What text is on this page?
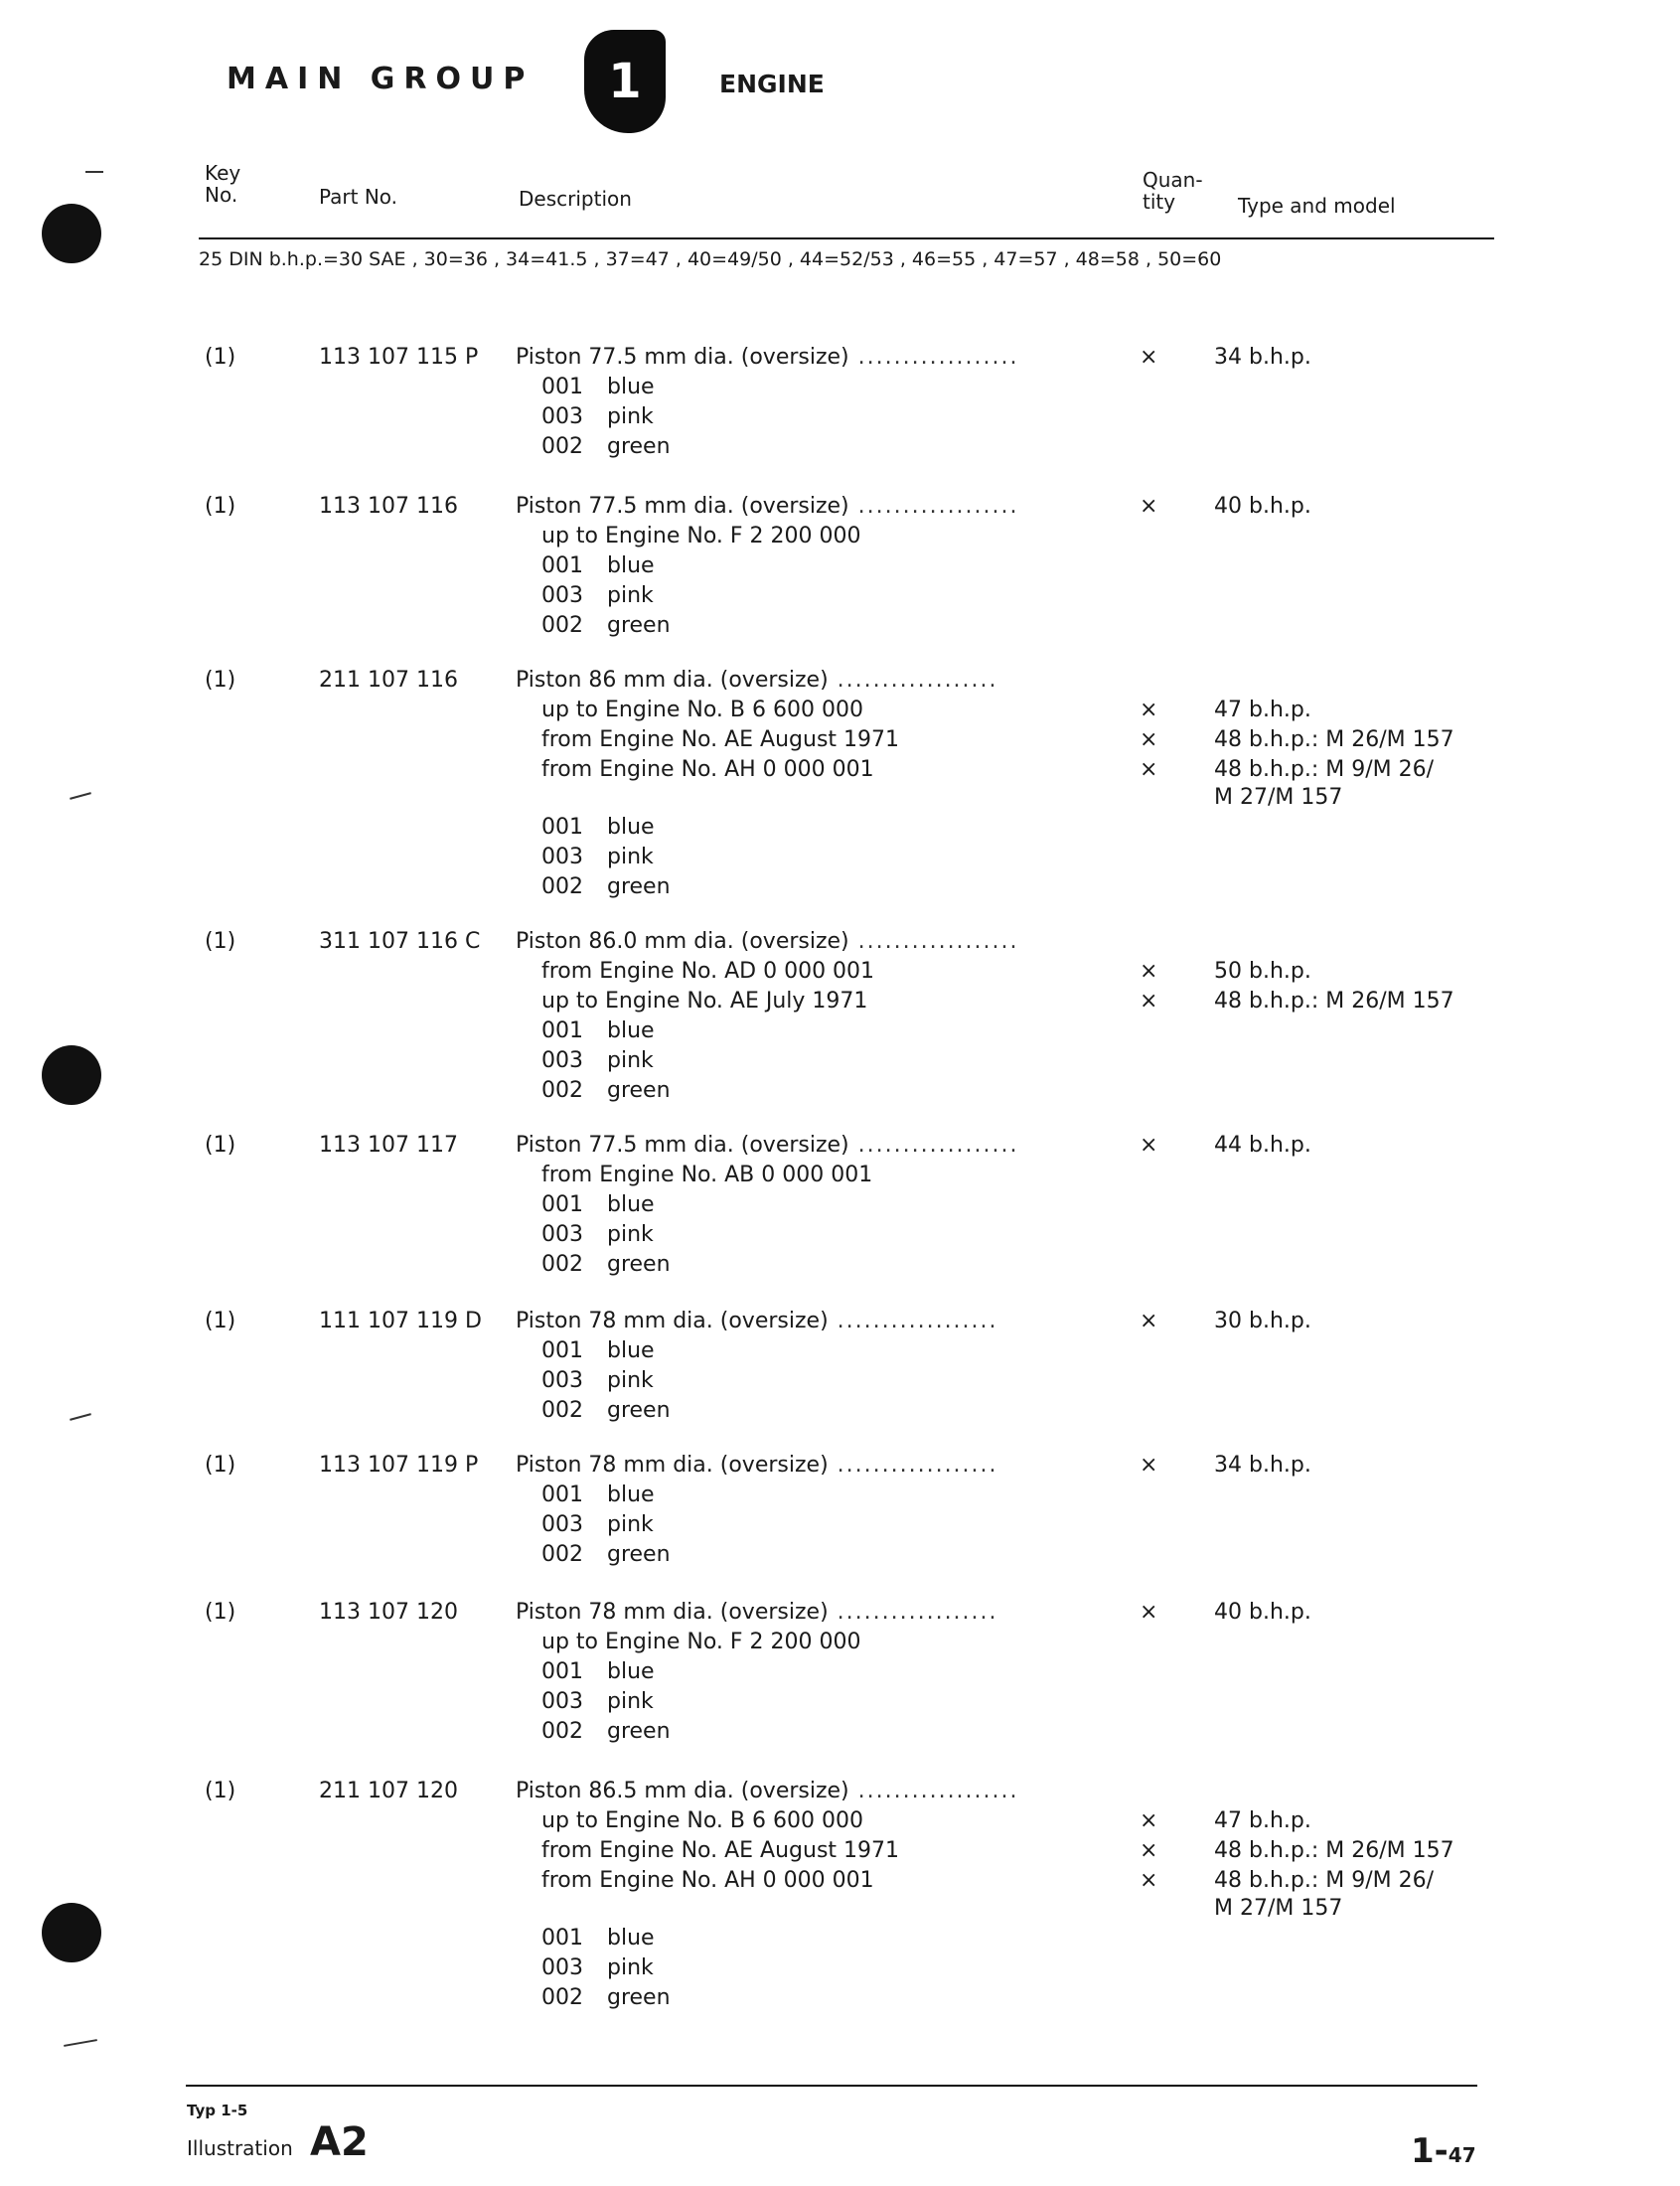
MAIN GROUP	1	ENGINE
Key
No.	Part No.	Description
Quan-
tity	Type and model
25 DIN b.h.p.=30 SAE , 30=36 , 34=41.5 , 37=47 , 40=49/50 , 44=52/53 , 46=55 , 47=57 , 48=58 , 50=60
(1)	113 107 115 P Piston 77.5 mm dia. (oversize) .....	×	34 b.h.p.
001 blue
003 pink
002 green
(1)	113 107 116	Piston 77.5 mm dia. (oversize) .....	×	40 b.h.p.
up to Engine No. F 2 200 000
001 blue
003 pink
002 green
(1)	211 107 116	Piston 86 mm dia. (oversize) .....
up to Engine No. B 6 600 000	×	47 b.h.p.
from Engine No. AE August 1971	×	48 b.h.p.: M 26/M 157
from Engine No. AH 0 000 001	×	48 b.h.p.: M 9/M 26/
M 27/M 157
001 blue
003 pink
002 green
(1)	311 107 116 C Piston 86.0 mm dia. (oversize) .....
from Engine No. AD 0 000 001	×	50 b.h.p.
up to Engine No. AE July 1971	×	48 b.h.p.: M 26/M 157
001 blue
003 pink
002 green
(1)	113 107 117	Piston 77.5 mm dia. (oversize) .....	×	44 b.h.p.
from Engine No. AB 0 000 001
001 blue
003 pink
002 green
(1)	111 107 119 D Piston 78 mm dia. (oversize) .....	×	30 b.h.p.
001 blue
003 pink
002 green
(1)	113 107 119 P Piston 78 mm dia. (oversize) .....	×	34 b.h.p.
001 blue
003 pink
002 green
(1)	113 107 120	Piston 78 mm dia. (oversize) .....	×	40 b.h.p.
up to Engine No. F 2 200 000
001 blue
003 pink
002 green
(1)	211 107 120	Piston 86.5 mm dia. (oversize) .....
up to Engine No. B 6 600 000	×	47 b.h.p.
from Engine No. AE August 1971	×	48 b.h.p.: M 26/M 157
from Engine No. AH 0 000 001	×	48 b.h.p.: M 9/M 26/
M 27/M 157
001 blue
003 pink
002 green
Typ 1-5
Illustration A2	1-47
